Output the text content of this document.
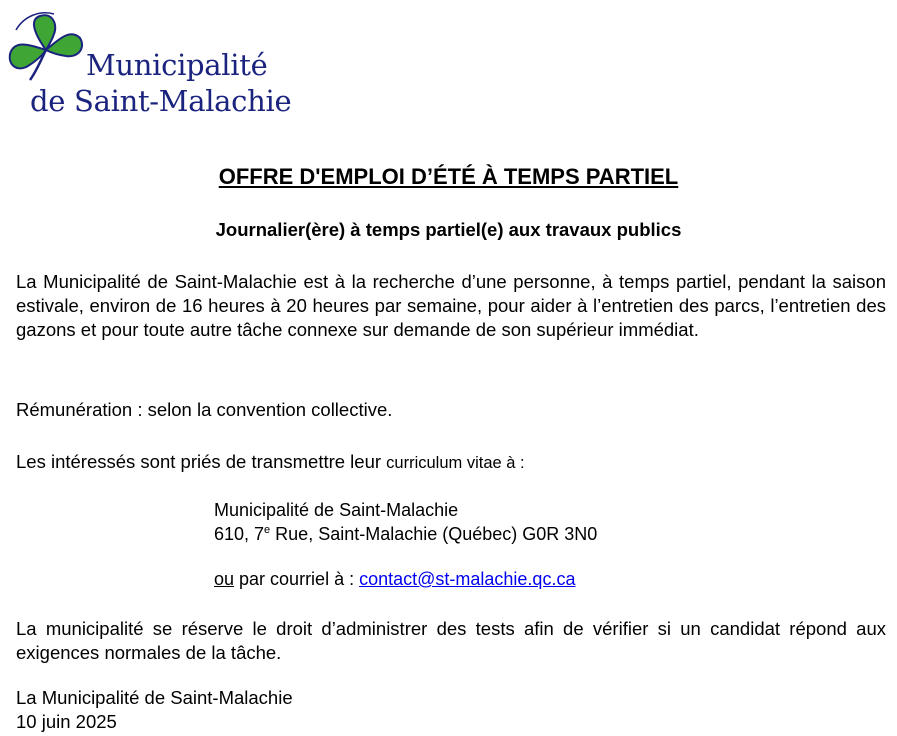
Municipalité
de Saint-Malachie
OFFRE D'EMPLOI D’ÉTÉ À TEMPS PARTIEL
Journalier(ère) à temps partiel(e) aux travaux publics
La Municipalité de Saint-Malachie est à la recherche d’une personne, à temps partiel, pendant la saison estivale, environ de 16 heures à 20 heures par semaine, pour aider à l’entretien des parcs, l’entretien des gazons et pour toute autre tâche connexe sur demande de son supérieur immédiat.
Rémunération : selon la convention collective.
Les intéressés sont priés de transmettre leur curriculum vitae à :
Municipalité de Saint-Malachie
610, 7e Rue, Saint-Malachie (Québec) G0R 3N0
ou par courriel à : contact@st-malachie.qc.ca
La municipalité se réserve le droit d’administrer des tests afin de vérifier si un candidat répond aux exigences normales de la tâche.
La Municipalité de Saint-Malachie
10 juin 2025
